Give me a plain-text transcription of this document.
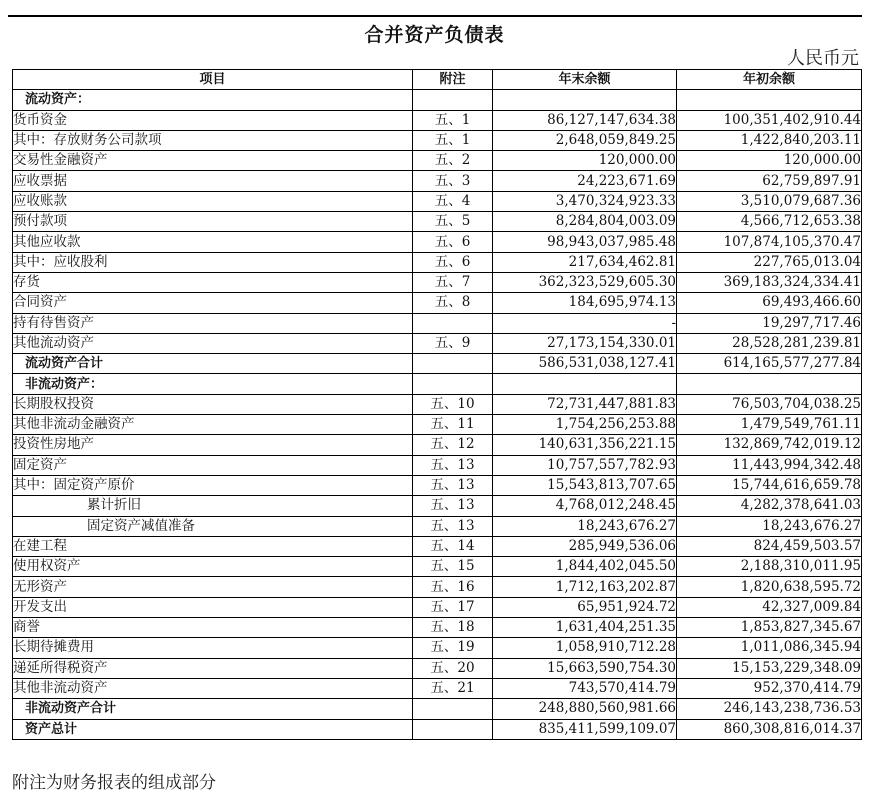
合并资产负债表
人民币元
项目	附注	年末余额	年初余额
流动资产：			
货币资金	五、1	86,127,147,634.38	100,351,402,910.44
其中：存放财务公司款项	五、1	2,648,059,849.25	1,422,840,203.11
交易性金融资产	五、2	120,000.00	120,000.00
应收票据	五、3	24,223,671.69	62,759,897.91
应收账款	五、4	3,470,324,923.33	3,510,079,687.36
预付款项	五、5	8,284,804,003.09	4,566,712,653.38
其他应收款	五、6	98,943,037,985.48	107,874,105,370.47
其中：应收股利	五、6	217,634,462.81	227,765,013.04
存货	五、7	362,323,529,605.30	369,183,324,334.41
合同资产	五、8	184,695,974.13	69,493,466.60
持有待售资产		-	19,297,717.46
其他流动资产	五、9	27,173,154,330.01	28,528,281,239.81
流动资产合计		586,531,038,127.41	614,165,577,277.84
非流动资产：			
长期股权投资	五、10	72,731,447,881.83	76,503,704,038.25
其他非流动金融资产	五、11	1,754,256,253.88	1,479,549,761.11
投资性房地产	五、12	140,631,356,221.15	132,869,742,019.12
固定资产	五、13	10,757,557,782.93	11,443,994,342.48
其中：固定资产原价	五、13	15,543,813,707.65	15,744,616,659.78
累计折旧	五、13	4,768,012,248.45	4,282,378,641.03
固定资产减值准备	五、13	18,243,676.27	18,243,676.27
在建工程	五、14	285,949,536.06	824,459,503.57
使用权资产	五、15	1,844,402,045.50	2,188,310,011.95
无形资产	五、16	1,712,163,202.87	1,820,638,595.72
开发支出	五、17	65,951,924.72	42,327,009.84
商誉	五、18	1,631,404,251.35	1,853,827,345.67
长期待摊费用	五、19	1,058,910,712.28	1,011,086,345.94
递延所得税资产	五、20	15,663,590,754.30	15,153,229,348.09
其他非流动资产	五、21	743,570,414.79	952,370,414.79
非流动资产合计		248,880,560,981.66	246,143,238,736.53
资产总计		835,411,599,109.07	860,308,816,014.37
附注为财务报表的组成部分
